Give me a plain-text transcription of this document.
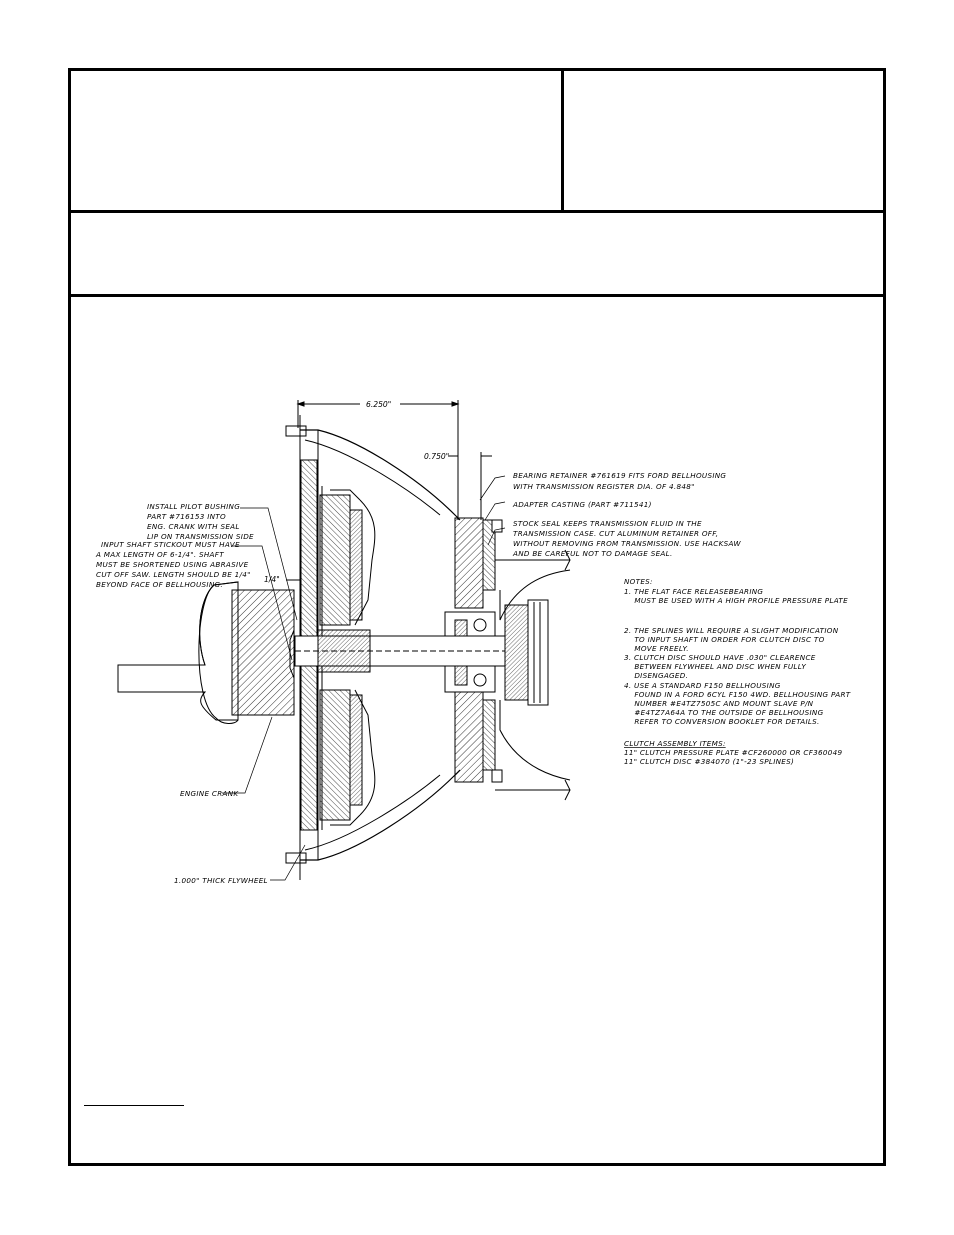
6.250"
0.750"
1/4"
BEARING RETAINER #761619 FITS FORD BELLHOUSING
WITH TRANSMISSION REGISTER DIA. OF 4.848"
ADAPTER CASTING (PART #711541)
STOCK SEAL KEEPS TRANSMISSION FLUID IN THE
TRANSMISSION CASE. CUT ALUMINUM RETAINER OFF,
WITHOUT REMOVING FROM TRANSMISSION. USE HACKSAW
AND BE CAREFUL NOT TO DAMAGE SEAL.
INSTALL PILOT BUSHING
PART #716153 INTO
ENG. CRANK WITH SEAL
LIP ON TRANSMISSION SIDE
INPUT SHAFT STICKOUT MUST HAVE
A MAX LENGTH OF 6-1/4". SHAFT
MUST BE SHORTENED USING ABRASIVE
CUT OFF SAW. LENGTH SHOULD BE 1/4"
BEYOND FACE OF BELLHOUSING.
ENGINE CRANK
1.000" THICK FLYWHEEL
NOTES:
1. THE FLAT FACE RELEASEBEARING
MUST BE USED WITH A HIGH PROFILE PRESSURE PLATE
2. THE SPLINES WILL REQUIRE A SLIGHT MODIFICATION
TO INPUT SHAFT IN ORDER FOR CLUTCH DISC TO
MOVE FREELY.
3. CLUTCH DISC SHOULD HAVE .030" CLEARENCE
BETWEEN FLYWHEEL AND DISC WHEN FULLY
DISENGAGED.
4. USE A STANDARD F150 BELLHOUSING
FOUND IN A FORD 6CYL F150 4WD. BELLHOUSING PART
NUMBER #E4TZ7505C AND MOUNT SLAVE P/N
#E4TZ7A64A TO THE OUTSIDE OF BELLHOUSING
REFER TO CONVERSION BOOKLET FOR DETAILS.
CLUTCH ASSEMBLY ITEMS:
11" CLUTCH PRESSURE PLATE #CF260000 OR CF360049
11" CLUTCH DISC #384070 (1"-23 SPLINES)
